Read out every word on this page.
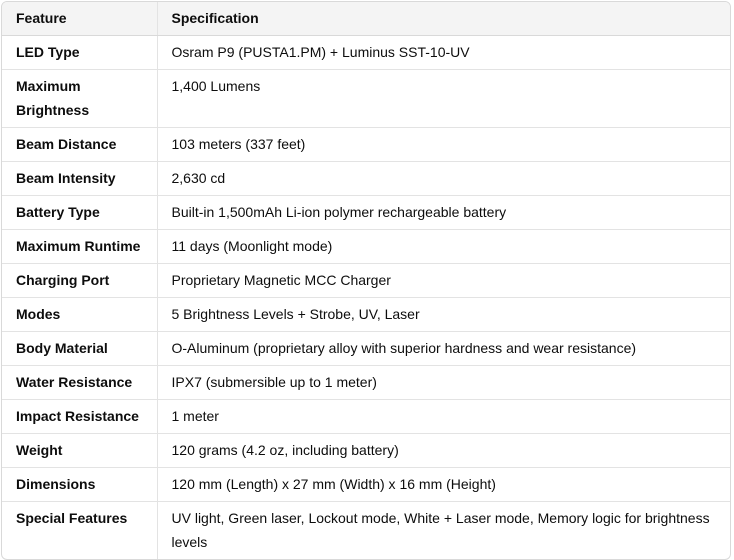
Feature	Specification
LED Type	Osram P9 (PUSTA1.PM) + Luminus SST-10-UV
Maximum Brightness	1,400 Lumens
Beam Distance	103 meters (337 feet)
Beam Intensity	2,630 cd
Battery Type	Built-in 1,500mAh Li-ion polymer rechargeable battery
Maximum Runtime	11 days (Moonlight mode)
Charging Port	Proprietary Magnetic MCC Charger
Modes	5 Brightness Levels + Strobe, UV, Laser
Body Material	O-Aluminum (proprietary alloy with superior hardness and wear resistance)
Water Resistance	IPX7 (submersible up to 1 meter)
Impact Resistance	1 meter
Weight	120 grams (4.2 oz, including battery)
Dimensions	120 mm (Length) x 27 mm (Width) x 16 mm (Height)
Special Features	UV light, Green laser, Lockout mode, White + Laser mode, Memory logic for brightness levels
